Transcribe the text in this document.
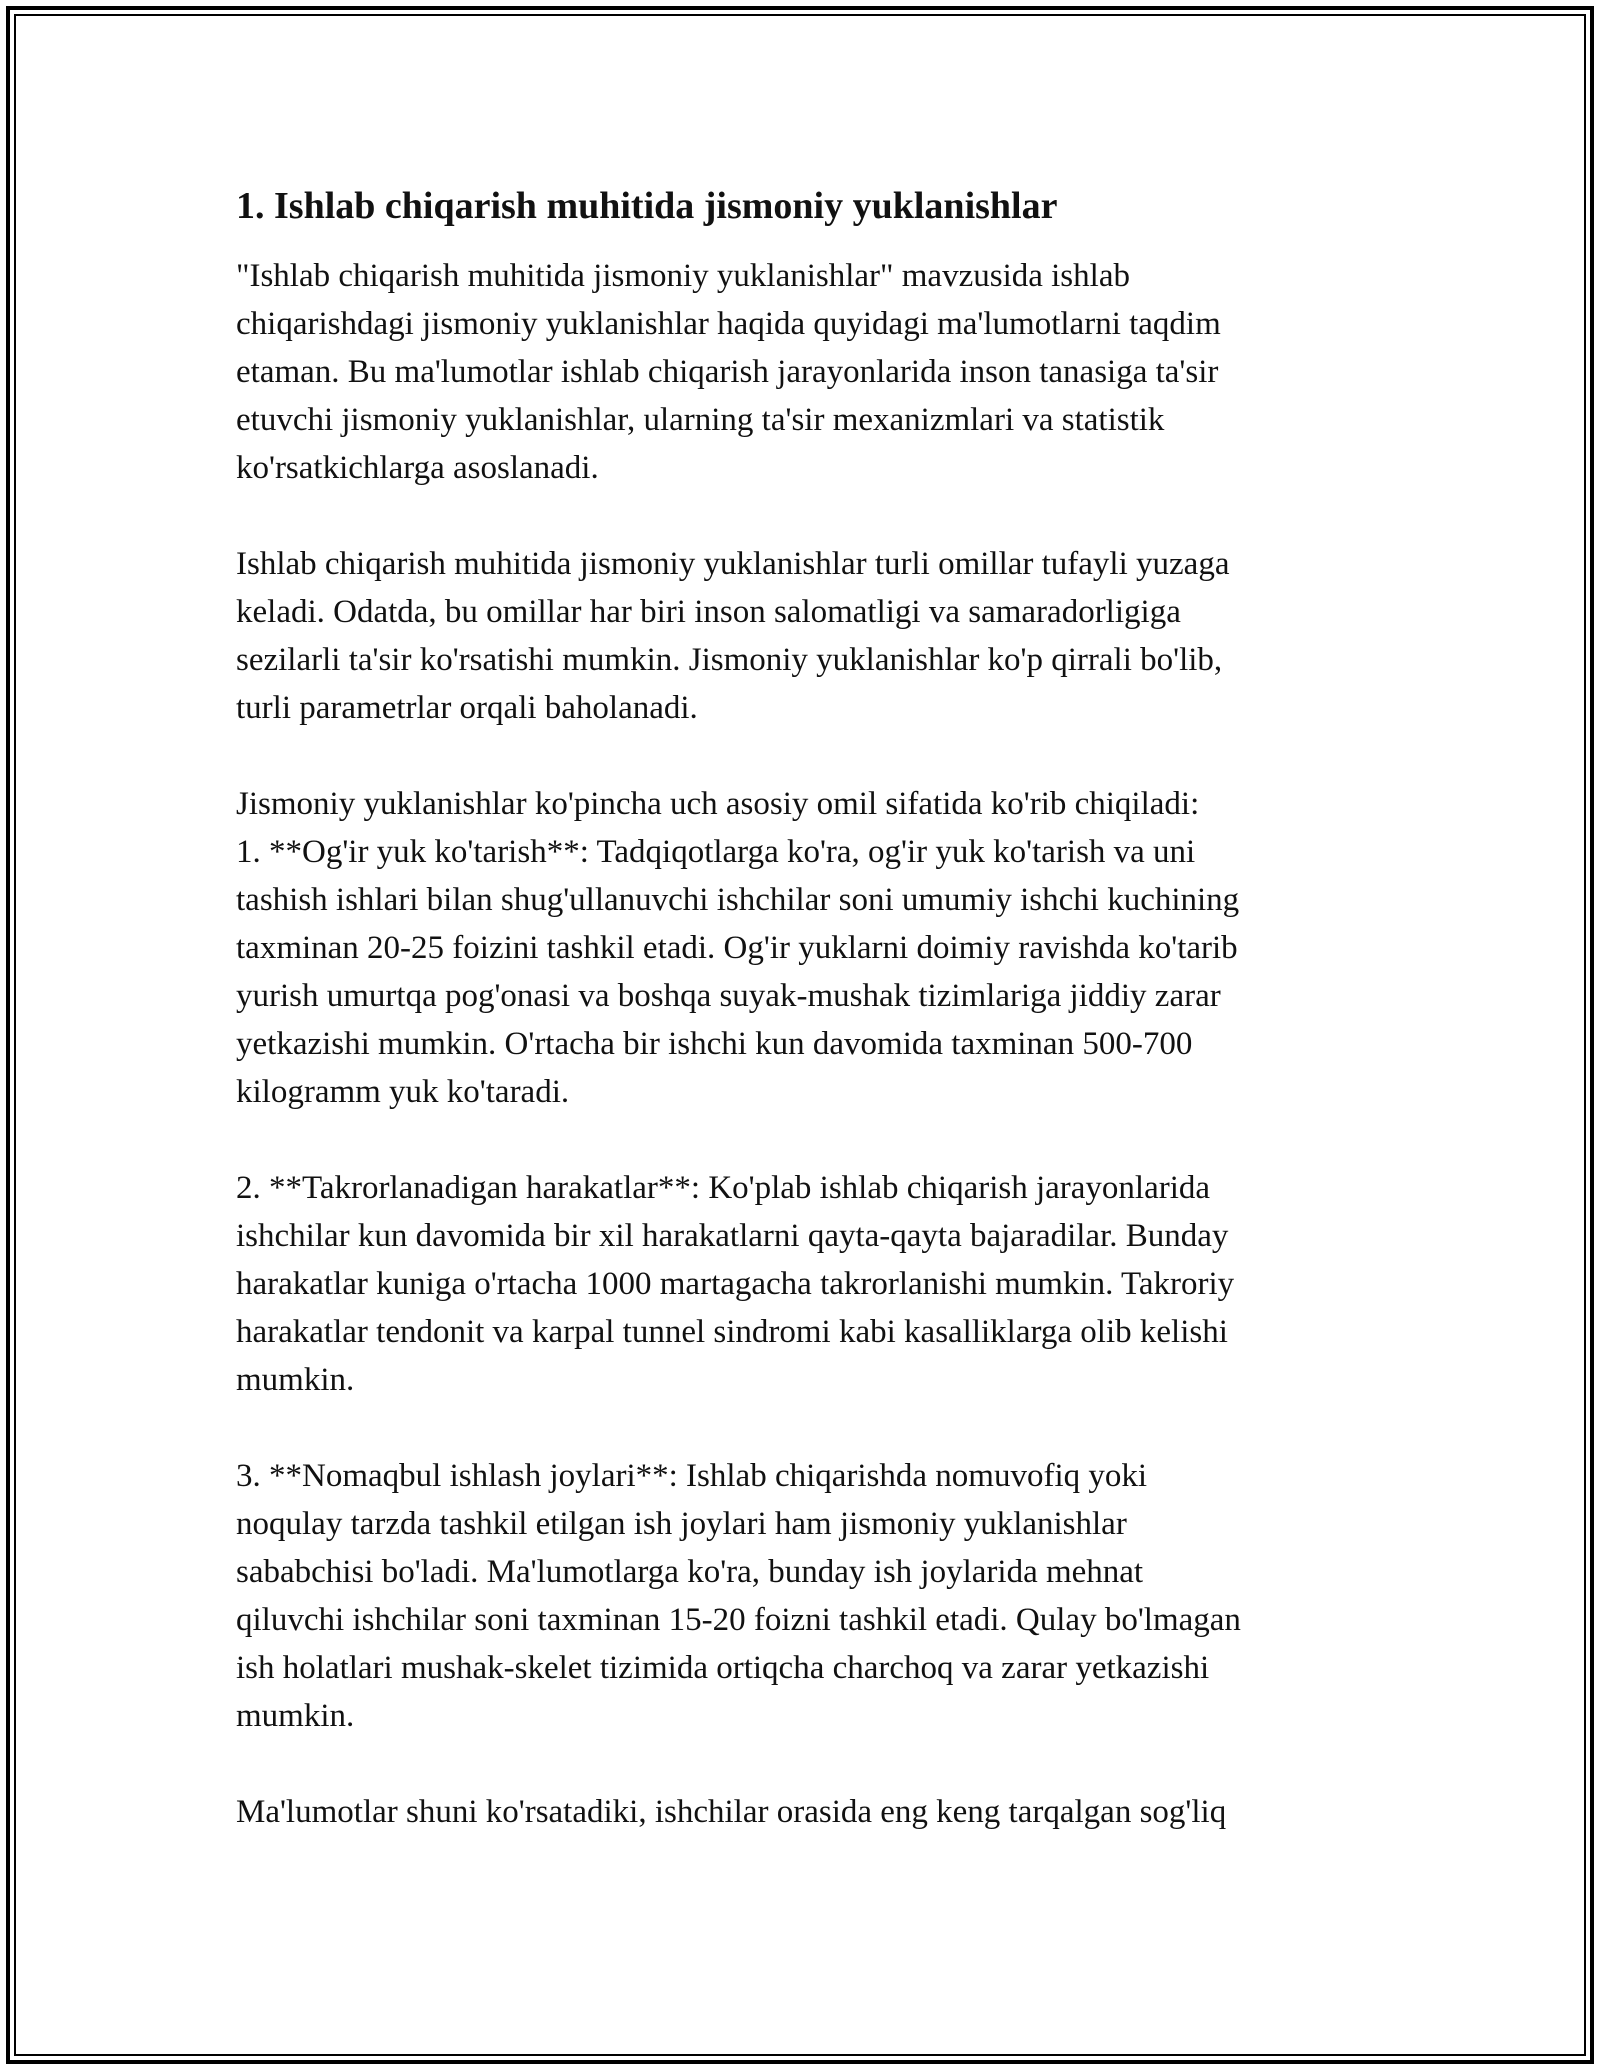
1. Ishlab chiqarish muhitida jismoniy yuklanishlar
"Ishlab chiqarish muhitida jismoniy yuklanishlar" mavzusida ishlab
chiqarishdagi jismoniy yuklanishlar haqida quyidagi ma'lumotlarni taqdim
etaman. Bu ma'lumotlar ishlab chiqarish jarayonlarida inson tanasiga ta'sir
etuvchi jismoniy yuklanishlar, ularning ta'sir mexanizmlari va statistik
ko'rsatkichlarga asoslanadi.
Ishlab chiqarish muhitida jismoniy yuklanishlar turli omillar tufayli yuzaga
keladi. Odatda, bu omillar har biri inson salomatligi va samaradorligiga
sezilarli ta'sir ko'rsatishi mumkin. Jismoniy yuklanishlar ko'p qirrali bo'lib,
turli parametrlar orqali baholanadi.
Jismoniy yuklanishlar ko'pincha uch asosiy omil sifatida ko'rib chiqiladi:
1. **Og'ir yuk ko'tarish**: Tadqiqotlarga ko'ra, og'ir yuk ko'tarish va uni
tashish ishlari bilan shug'ullanuvchi ishchilar soni umumiy ishchi kuchining
taxminan 20-25 foizini tashkil etadi. Og'ir yuklarni doimiy ravishda ko'tarib
yurish umurtqa pog'onasi va boshqa suyak-mushak tizimlariga jiddiy zarar
yetkazishi mumkin. O'rtacha bir ishchi kun davomida taxminan 500-700
kilogramm yuk ko'taradi.
2. **Takrorlanadigan harakatlar**: Ko'plab ishlab chiqarish jarayonlarida
ishchilar kun davomida bir xil harakatlarni qayta-qayta bajaradilar. Bunday
harakatlar kuniga o'rtacha 1000 martagacha takrorlanishi mumkin. Takroriy
harakatlar tendonit va karpal tunnel sindromi kabi kasalliklarga olib kelishi
mumkin.
3. **Nomaqbul ishlash joylari**: Ishlab chiqarishda nomuvofiq yoki
noqulay tarzda tashkil etilgan ish joylari ham jismoniy yuklanishlar
sababchisi bo'ladi. Ma'lumotlarga ko'ra, bunday ish joylarida mehnat
qiluvchi ishchilar soni taxminan 15-20 foizni tashkil etadi. Qulay bo'lmagan
ish holatlari mushak-skelet tizimida ortiqcha charchoq va zarar yetkazishi
mumkin.
Ma'lumotlar shuni ko'rsatadiki, ishchilar orasida eng keng tarqalgan sog'liq
